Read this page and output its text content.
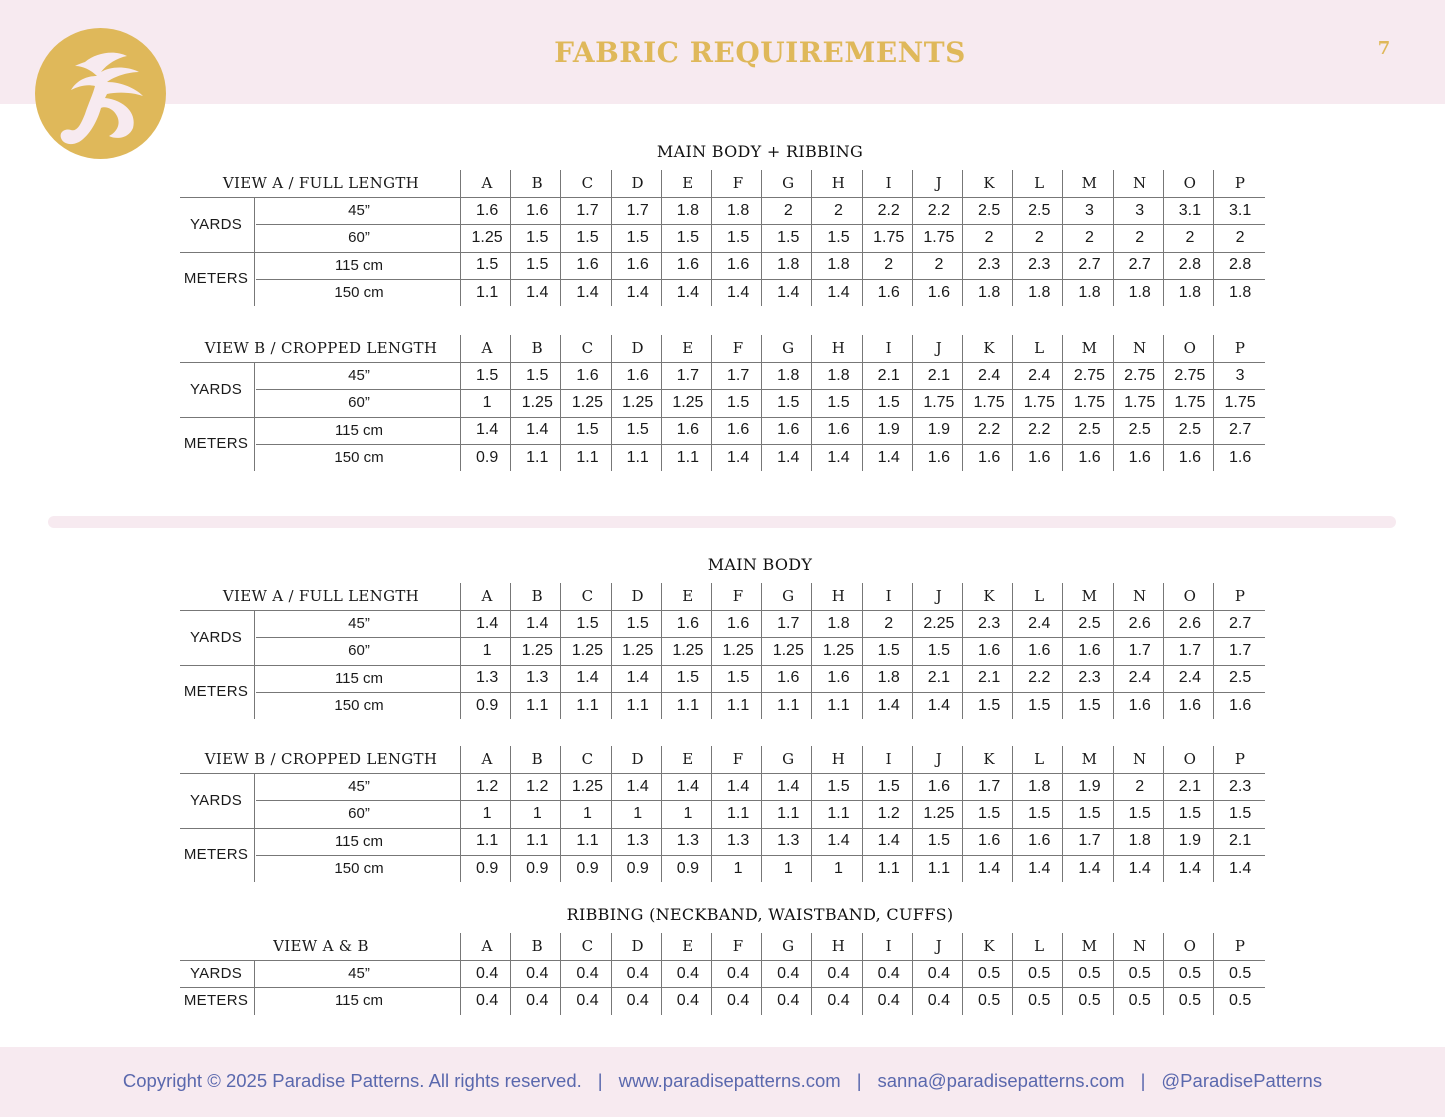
FABRIC REQUIREMENTS	7
MAIN BODY + RIBBING
VIEW A / FULL LENGTH	A	B	C	D	E	F	G	H	I	J	K	L	M	N	O	P
YARDS
45”	1.6	1.6	1.7	1.7	1.8	1.8	2	2	2.2	2.2	2.5	2.5	3	3	3.1	3.1
60”	1.25	1.5	1.5	1.5	1.5	1.5	1.5	1.5	1.75	1.75	2	2	2	2	2	2
METERS
115 cm	1.5	1.5	1.6	1.6	1.6	1.6	1.8	1.8	2	2	2.3	2.3	2.7	2.7	2.8	2.8
150 cm	1.1	1.4	1.4	1.4	1.4	1.4	1.4	1.4	1.6	1.6	1.8	1.8	1.8	1.8	1.8	1.8
VIEW B / CROPPED LENGTH	A	B	C	D	E	F	G	H	I	J	K	L	M	N	O	P
YARDS
45”	1.5	1.5	1.6	1.6	1.7	1.7	1.8	1.8	2.1	2.1	2.4	2.4	2.75	2.75	2.75	3
60”	1	1.25	1.25	1.25	1.25	1.5	1.5	1.5	1.5	1.75	1.75	1.75	1.75	1.75	1.75	1.75
METERS
115 cm	1.4	1.4	1.5	1.5	1.6	1.6	1.6	1.6	1.9	1.9	2.2	2.2	2.5	2.5	2.5	2.7
150 cm	0.9	1.1	1.1	1.1	1.1	1.4	1.4	1.4	1.4	1.6	1.6	1.6	1.6	1.6	1.6	1.6
MAIN BODY
VIEW A / FULL LENGTH	A	B	C	D	E	F	G	H	I	J	K	L	M	N	O	P
YARDS
45”	1.4	1.4	1.5	1.5	1.6	1.6	1.7	1.8	2	2.25	2.3	2.4	2.5	2.6	2.6	2.7
60”	1	1.25	1.25	1.25	1.25	1.25	1.25	1.25	1.5	1.5	1.6	1.6	1.6	1.7	1.7	1.7
METERS
115 cm	1.3	1.3	1.4	1.4	1.5	1.5	1.6	1.6	1.8	2.1	2.1	2.2	2.3	2.4	2.4	2.5
150 cm	0.9	1.1	1.1	1.1	1.1	1.1	1.1	1.1	1.4	1.4	1.5	1.5	1.5	1.6	1.6	1.6
VIEW B / CROPPED LENGTH	A	B	C	D	E	F	G	H	I	J	K	L	M	N	O	P
YARDS
45”	1.2	1.2	1.25	1.4	1.4	1.4	1.4	1.5	1.5	1.6	1.7	1.8	1.9	2	2.1	2.3
60”	1	1	1	1	1	1.1	1.1	1.1	1.2	1.25	1.5	1.5	1.5	1.5	1.5	1.5
METERS
115 cm	1.1	1.1	1.1	1.3	1.3	1.3	1.3	1.4	1.4	1.5	1.6	1.6	1.7	1.8	1.9	2.1
150 cm	0.9	0.9	0.9	0.9	0.9	1	1	1	1.1	1.1	1.4	1.4	1.4	1.4	1.4	1.4
RIBBING (NECKBAND, WAISTBAND, CUFFS)
VIEW A & B	A	B	C	D	E	F	G	H	I	J	K	L	M	N	O	P
YARDS	45”	0.4	0.4	0.4	0.4	0.4	0.4	0.4	0.4	0.4	0.4	0.5	0.5	0.5	0.5	0.5	0.5
METERS	115 cm	0.4	0.4	0.4	0.4	0.4	0.4	0.4	0.4	0.4	0.4	0.5	0.5	0.5	0.5	0.5	0.5
Copyright © 2025 Paradise Patterns. All rights reserved. | www.paradisepatterns.com | sanna@paradisepatterns.com | @ParadisePatterns
